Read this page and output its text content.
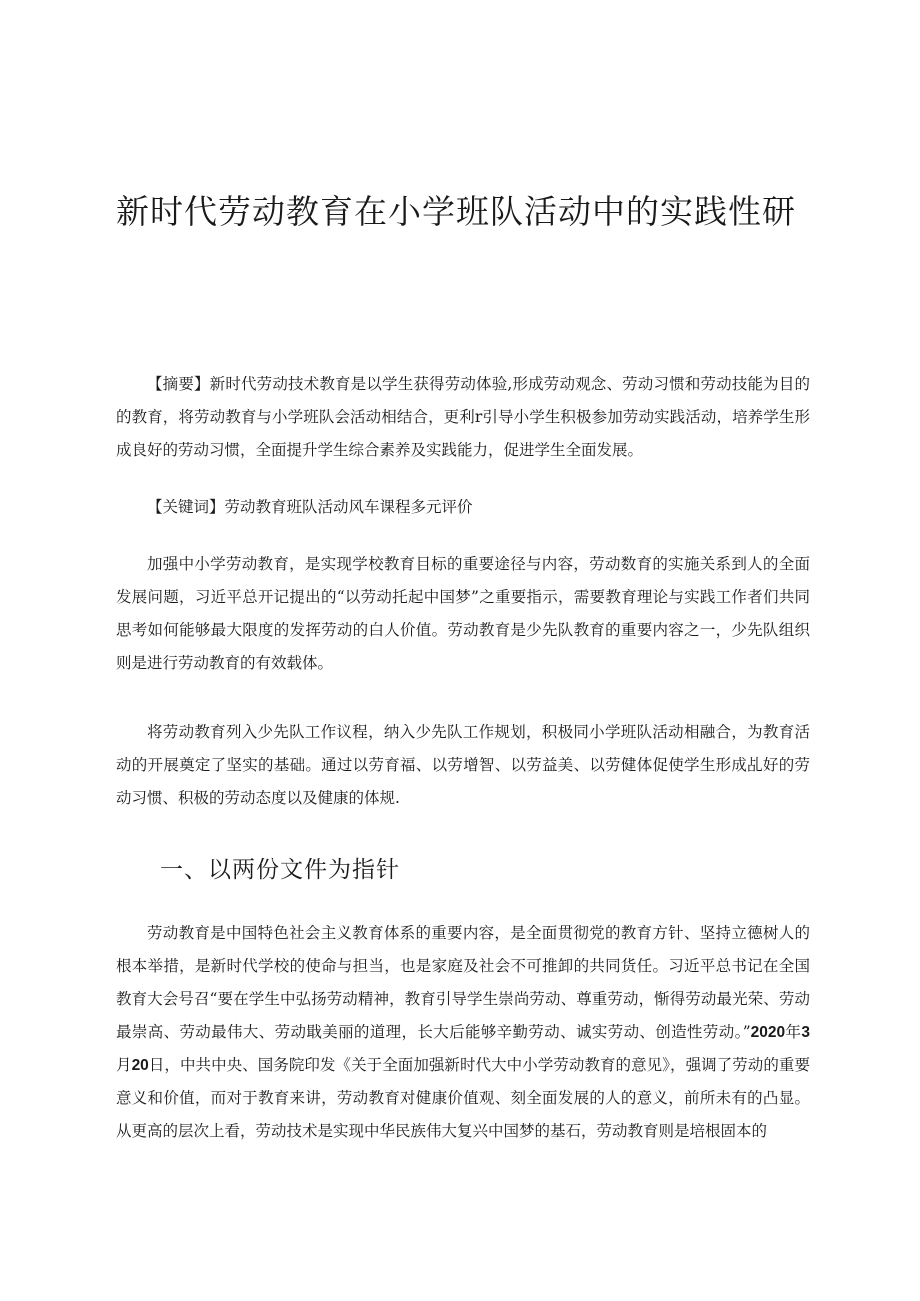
新时代劳动教育在小学班队活动中的实践性研

【摘要】新时代劳动技术教育是以学生获得劳动体验,形成劳动观念、劳动习惯和劳动技能为目的的教育，将劳动教育与小学班队会活动相结合，更利r引导小学生积极参加劳动实践活动，培养学生形成良好的劳动习惯，全面提升学生综合素养及实践能力，促进学生全面发展。

【关键词】劳动教育班队活动风车课程多元评价

加强中小学劳动教育，是实现学校教育目标的重要途径与内容，劳动数育的实施关系到人的全面发展问题，习近平总开记提出的“以劳动托起中国梦”之重要指示，需要教育理论与实践工作者们共同思考如何能够最大限度的发挥劳动的白人价值。劳动教育是少先队教育的重要内容之一，少先队组织则是进行劳动教育的有效载体。

将劳动教育列入少先队工作议程，纳入少先队工作规划，积极同小学班队活动相融合，为教育活动的开展奠定了坚实的基础。通过以劳育福、以劳增智、以劳益美、以劳健体促使学生形成乩好的劳动习惯、积极的劳动态度以及健康的体规.

一、以两份文件为指针

劳动教育是中国特色社会主义教育体系的重要内容，是全面贯彻党的教育方针、坚持立德树人的根本举措，是新时代学校的使命与担当，也是家庭及社会不可推卸的共同货任。习近平总书记在全国教育大会号召“要在学生中弘扬劳动精神，教育引导学生崇尚劳动、尊重劳动，惭得劳动最光荣、劳动最崇高、劳动最伟大、劳动戢美丽的道理，长大后能够辛勤劳动、诚实劳动、创造性劳动。”2020年3月20日，中共中央、国务院印发《关于全面加强新时代大中小学劳动教育的意见》，强调了劳动的重要意义和价值，而对于教育来讲，劳动教育对健康价值观、刻全面发展的人的意义，前所未有的凸显。从更高的层次上看，劳动技术是实现中华民族伟大复兴中国梦的基石，劳动教育则是培根固本的
